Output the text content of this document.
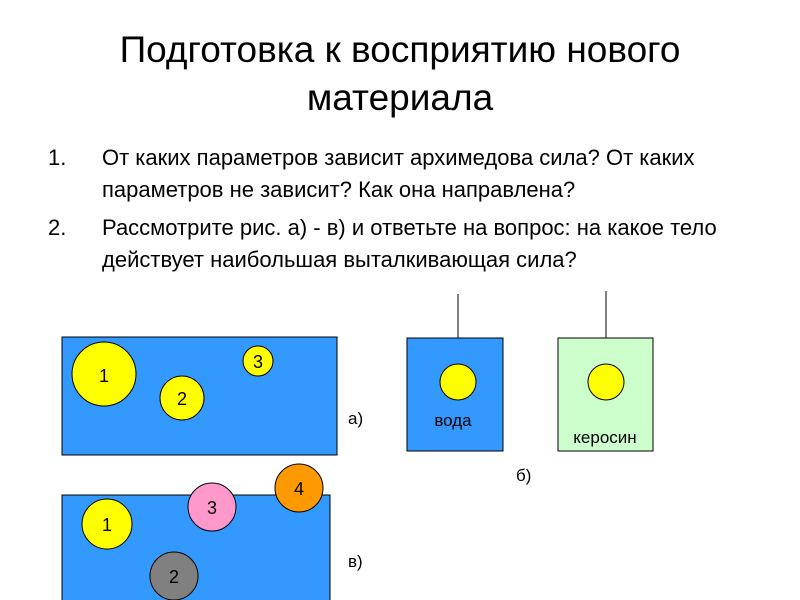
Подготовка к восприятию нового
материала
1.	От каких параметров зависит архимедова сила? От каких параметров не зависит? Как она направлена?
2.	Рассмотрите рис. а) - в) и ответьте на вопрос: на какое тело действует наибольшая выталкивающая сила?
1
2
3
а)	вода
керосин
б)
1
2
3
4
в)
